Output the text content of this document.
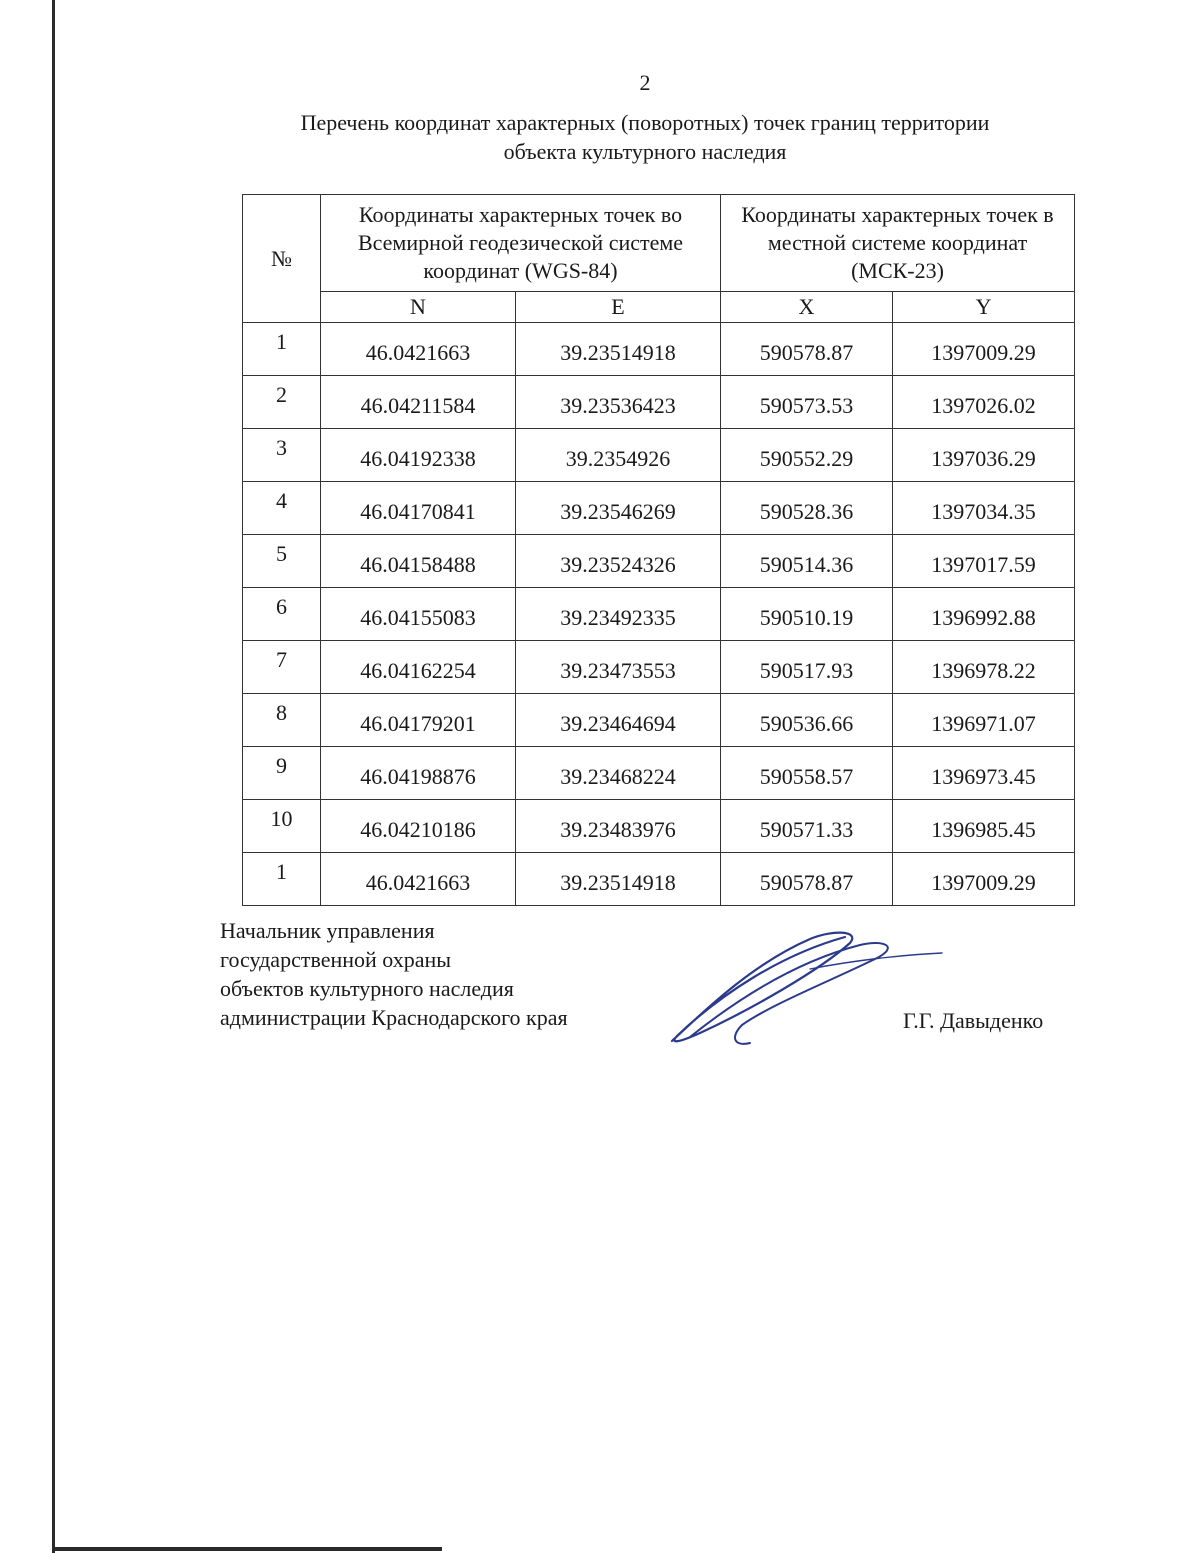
2
Перечень координат характерных (поворотных) точек границ территории
объекта культурного наследия
№	Координаты характерных точек во Всемирной геодезической системе координат (WGS-84)		Координаты характерных точек в местной системе координат (МСК-23)	
	N	E	X	Y
1	46.0421663	39.23514918	590578.87	1397009.29
2	46.04211584	39.23536423	590573.53	1397026.02
3	46.04192338	39.2354926	590552.29	1397036.29
4	46.04170841	39.23546269	590528.36	1397034.35
5	46.04158488	39.23524326	590514.36	1397017.59
6	46.04155083	39.23492335	590510.19	1396992.88
7	46.04162254	39.23473553	590517.93	1396978.22
8	46.04179201	39.23464694	590536.66	1396971.07
9	46.04198876	39.23468224	590558.57	1396973.45
10	46.04210186	39.23483976	590571.33	1396985.45
1	46.0421663	39.23514918	590578.87	1397009.29
Начальник управления
государственной охраны
объектов культурного наследия
администрации Краснодарского края	Г.Г. Давыденко
